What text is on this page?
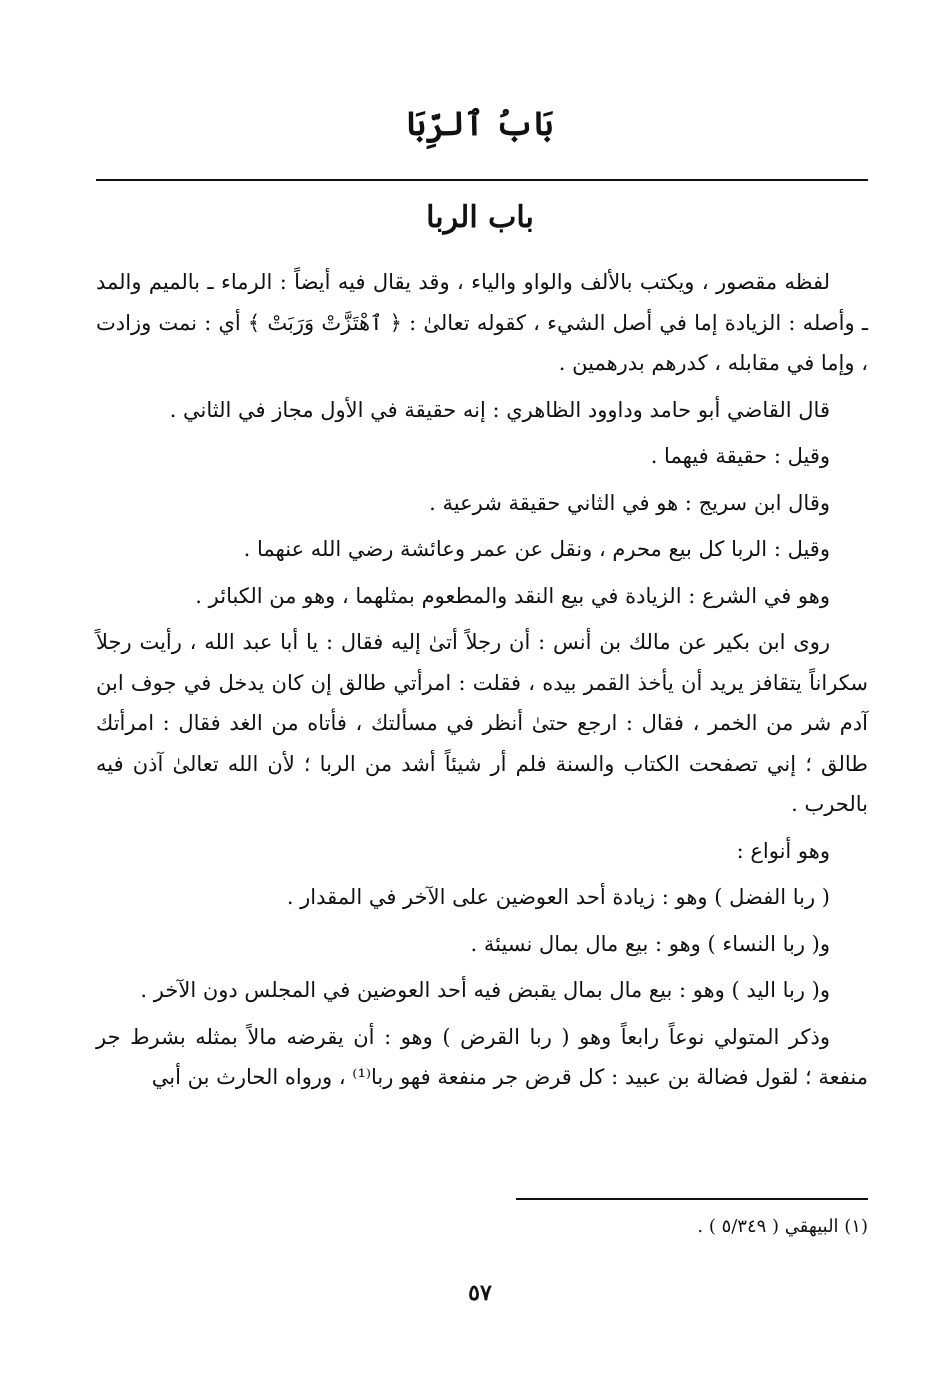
بَابُ ٱلرِّبَا
باب الربا

لفظه مقصور ، ويكتب بالألف والواو والياء ، وقد يقال فيه أيضاً : الرماء ـ بالميم والمد ـ وأصله : الزيادة إما في أصل الشيء ، كقوله تعالىٰ : ﴿ ٱهْتَزَّتْ وَرَبَتْ ﴾ أي : نمت وزادت ، وإما في مقابله ، كدرهم بدرهمين .

قال القاضي أبو حامد وداوود الظاهري : إنه حقيقة في الأول مجاز في الثاني .

وقيل : حقيقة فيهما .

وقال ابن سريج : هو في الثاني حقيقة شرعية .

وقيل : الربا كل بيع محرم ، ونقل عن عمر وعائشة رضي الله عنهما .

وهو في الشرع : الزيادة في بيع النقد والمطعوم بمثلهما ، وهو من الكبائر .

روى ابن بكير عن مالك بن أنس : أن رجلاً أتىٰ إليه فقال : يا أبا عبد الله ، رأيت رجلاً سكراناً يتقافز يريد أن يأخذ القمر بيده ، فقلت : امرأتي طالق إن كان يدخل في جوف ابن آدم شر من الخمر ، فقال : ارجع حتىٰ أنظر في مسألتك ، فأتاه من الغد فقال : امرأتك طالق ؛ إني تصفحت الكتاب والسنة فلم أر شيئاً أشد من الربا ؛ لأن الله تعالىٰ آذن فيه بالحرب .

وهو أنواع :

( ربا الفضل ) وهو : زيادة أحد العوضين على الآخر في المقدار .

و( ربا النساء ) وهو : بيع مال بمال نسيئة .

و( ربا اليد ) وهو : بيع مال بمال يقبض فيه أحد العوضين في المجلس دون الآخر .

وذكر المتولي نوعاً رابعاً وهو ( ربا القرض ) وهو : أن يقرضه مالاً بمثله بشرط جر منفعة ؛ لقول فضالة بن عبيد : كل قرض جر منفعة فهو ربا⁽¹⁾ ، ورواه الحارث بن أبي

(١) البيهقي ( ٥/٣٤٩ ) .
٥٧
